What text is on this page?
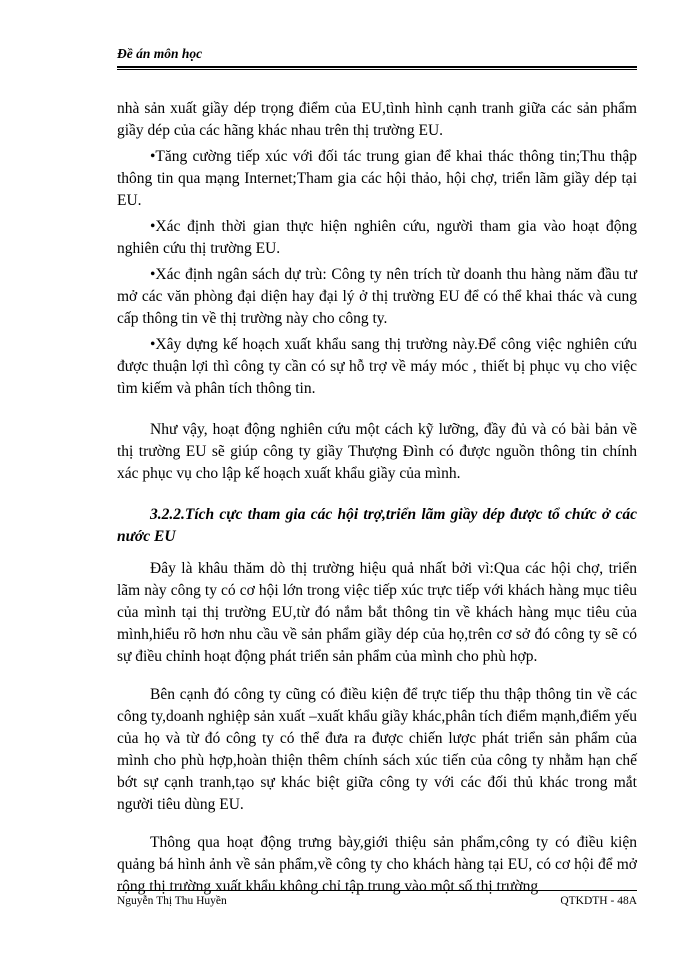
Đề án môn học

nhà sản xuất giầy dép trọng điểm của EU,tình hình cạnh tranh giữa các sản phẩm giầy dép của các hãng khác nhau trên thị trường EU.

•Tăng cường tiếp xúc với đối tác trung gian để khai thác thông tin;Thu thập thông tin qua mạng Internet;Tham gia các hội thảo, hội chợ, triển lãm giầy dép tại EU.

•Xác định thời gian thực hiện nghiên cứu, người tham gia vào hoạt động nghiên cứu thị trường EU.

•Xác định ngân sách dự trù: Công ty nên trích từ doanh thu hàng năm đầu tư mở các văn phòng đại diện hay đại lý ở thị trường EU để có thể khai thác và cung cấp thông tin về thị trường này cho công ty.

•Xây dựng kế hoạch xuất khẩu sang thị trường này.Để công việc nghiên cứu được thuận lợi thì công ty cần có sự hỗ trợ về máy móc , thiết bị phục vụ cho việc tìm kiếm và phân tích thông tin.

Như vậy, hoạt động nghiên cứu một cách kỹ lưỡng, đầy đủ và có bài bản về thị trường EU sẽ giúp công ty giầy Thượng Đình có được nguồn thông tin chính xác phục vụ cho lập kế hoạch xuất khẩu giầy của mình.

3.2.2.Tích cực tham gia các hội trợ,triển lãm giầy dép được tổ chức ở các nước EU

Đây là khâu thăm dò thị trường hiệu quả nhất bởi vì:Qua các hội chợ, triển lãm này công ty có cơ hội lớn trong việc tiếp xúc trực tiếp với khách hàng mục tiêu của mình tại thị trường EU,từ đó nắm bắt thông tin về khách hàng mục tiêu của mình,hiểu rõ hơn nhu cầu về sản phẩm giầy dép của họ,trên cơ sở đó công ty sẽ có sự điều chỉnh hoạt động phát triển sản phẩm của mình cho phù hợp.

Bên cạnh đó công ty cũng có điều kiện để trực tiếp thu thập thông tin về các công ty,doanh nghiệp sản xuất –xuất khẩu giầy khác,phân tích điểm mạnh,điểm yếu của họ và từ đó công ty có thể đưa ra được chiến lược phát triển sản phẩm của mình cho phù hợp,hoàn thiện thêm chính sách xúc tiến của công ty nhằm hạn chế bớt sự cạnh tranh,tạo sự khác biệt giữa công ty với các đối thủ khác trong mắt người tiêu dùng EU.

Thông qua hoạt động trưng bày,giới thiệu sản phẩm,công ty có điều kiện quảng bá hình ảnh về sản phẩm,về công ty cho khách hàng tại EU, có cơ hội để mở rộng thị trường xuất khẩu không chỉ tập trung vào một số thị trường

Nguyễn Thị Thu Huyền	QTKDTH - 48A
